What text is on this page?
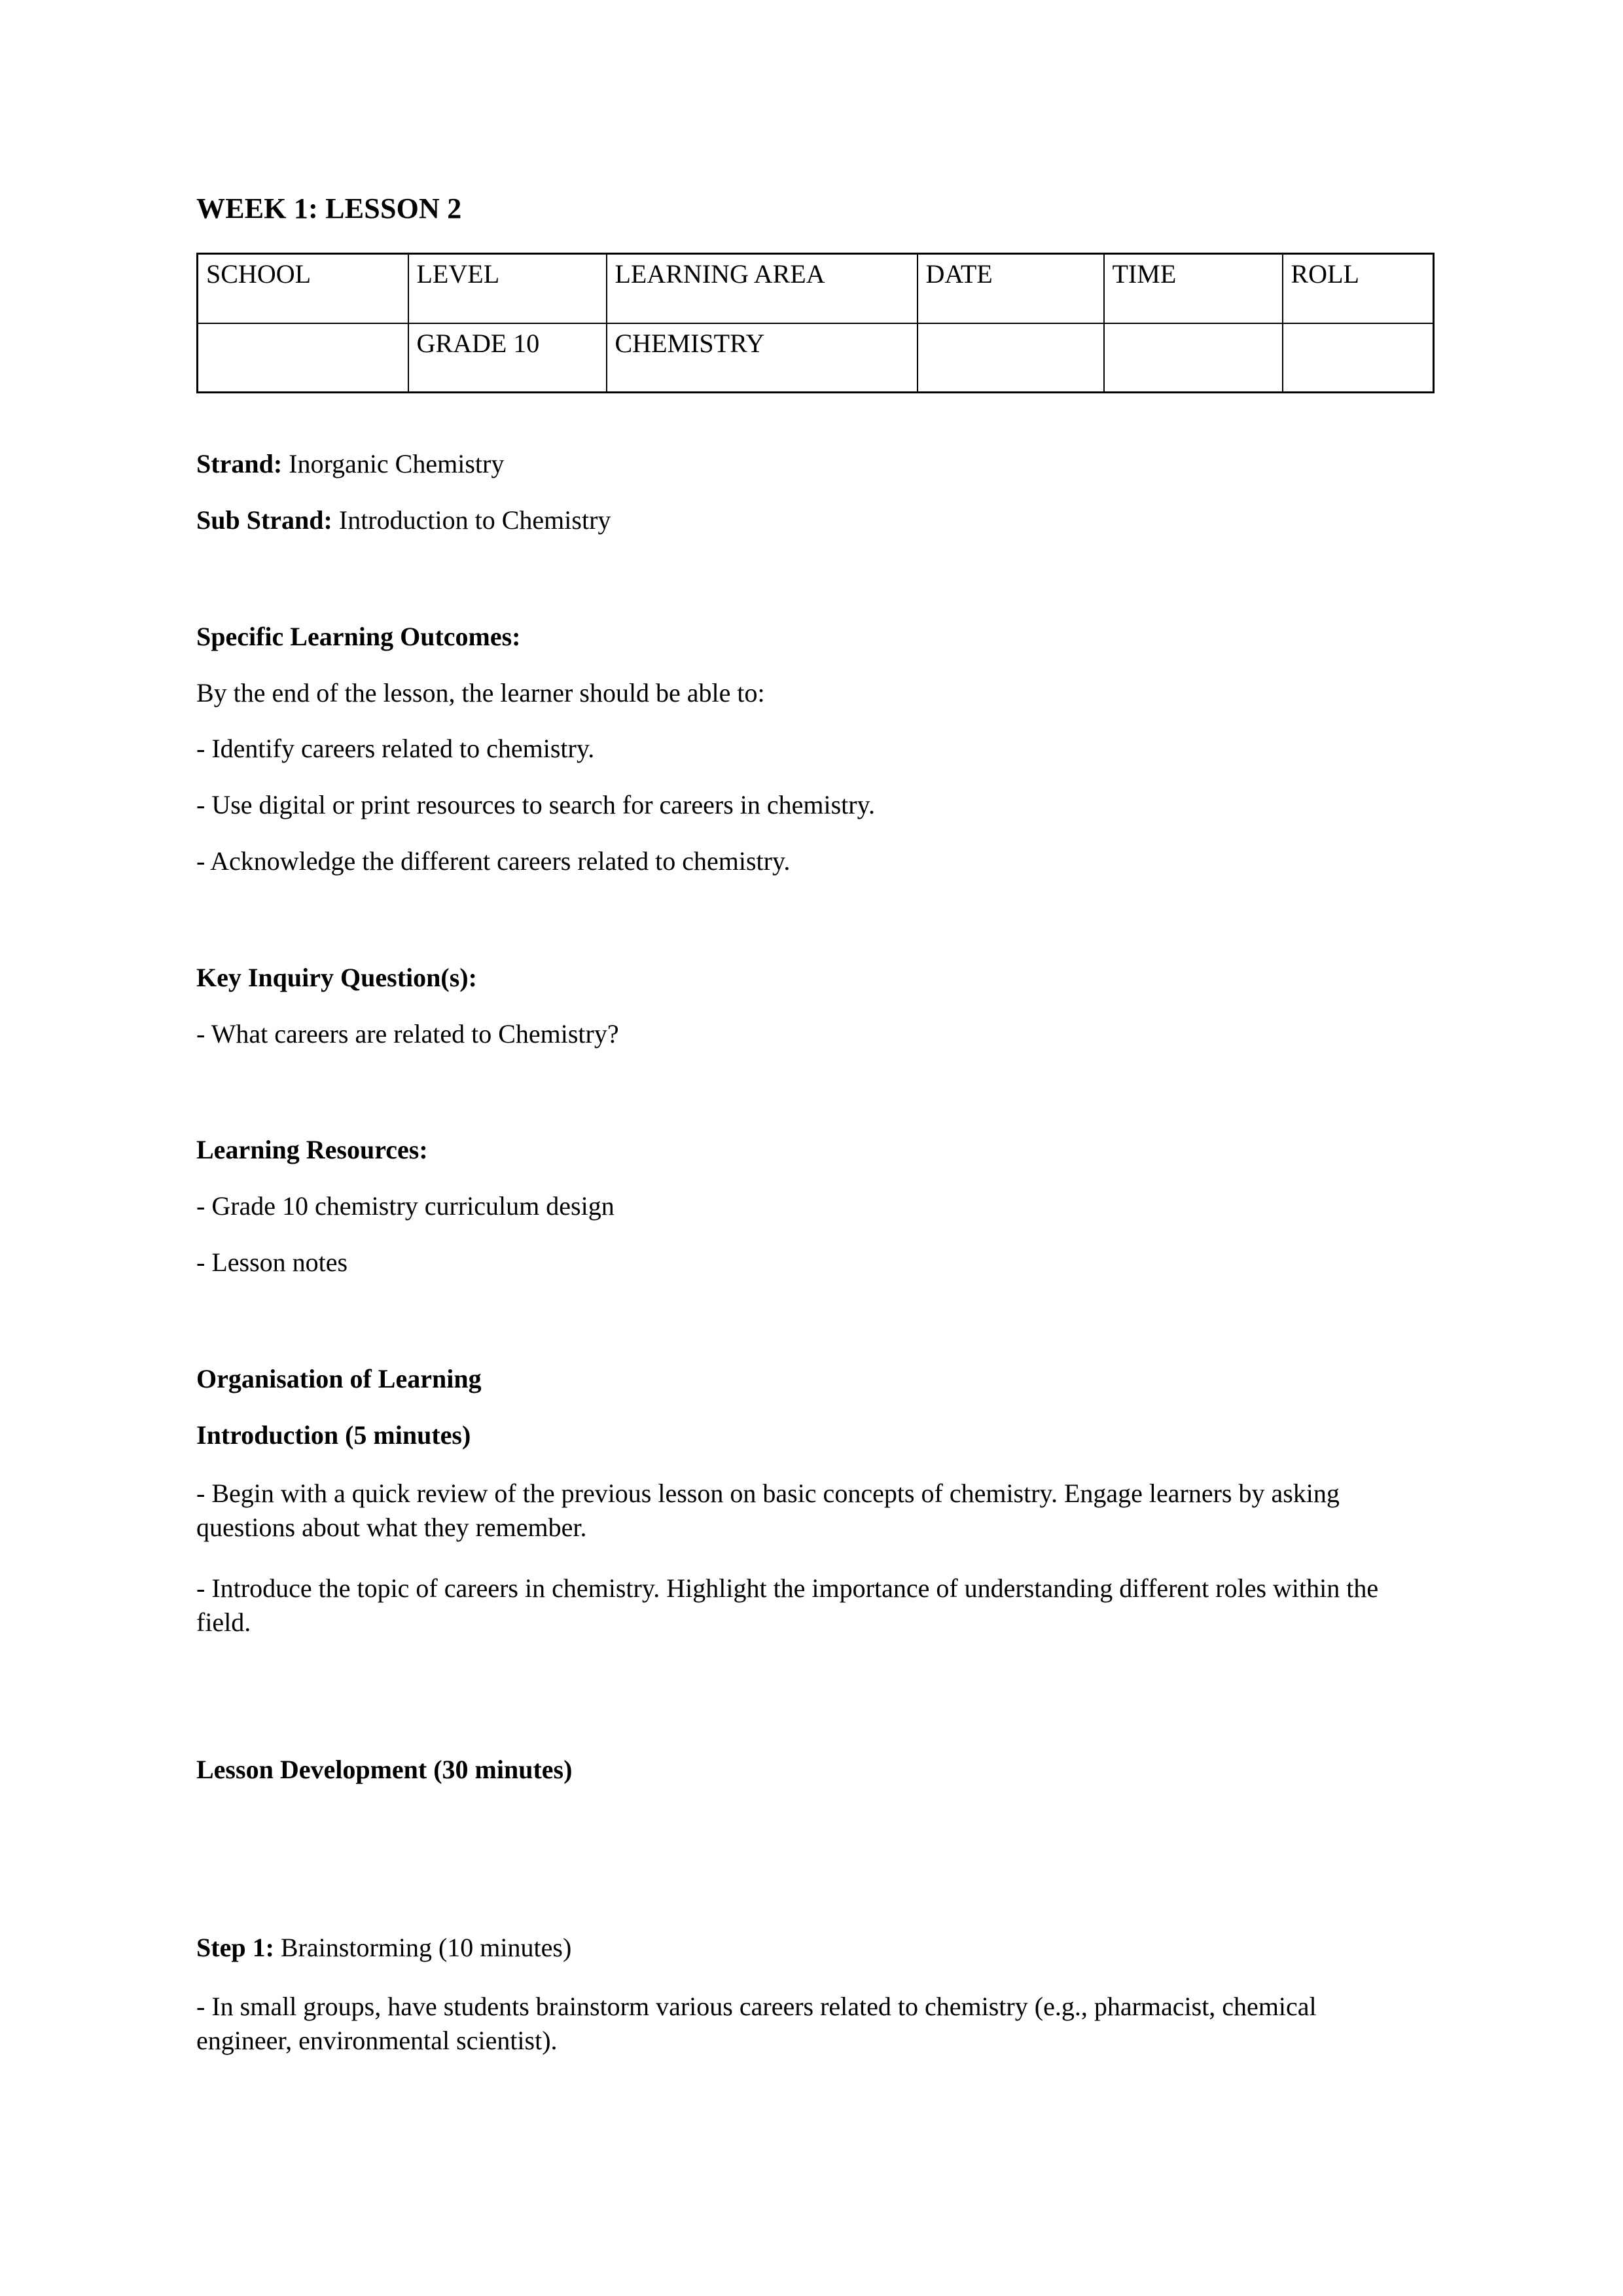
WEEK 1: LESSON 2
SCHOOL	LEVEL	LEARNING AREA	DATE	TIME	ROLL
	GRADE 10	CHEMISTRY			
Strand: Inorganic Chemistry
Sub Strand: Introduction to Chemistry
Specific Learning Outcomes:
By the end of the lesson, the learner should be able to:
- Identify careers related to chemistry.
- Use digital or print resources to search for careers in chemistry.
- Acknowledge the different careers related to chemistry.
Key Inquiry Question(s):
- What careers are related to Chemistry?
Learning Resources:
- Grade 10 chemistry curriculum design
- Lesson notes
Organisation of Learning
Introduction (5 minutes)
- Begin with a quick review of the previous lesson on basic concepts of chemistry. Engage learners by asking questions about what they remember.
- Introduce the topic of careers in chemistry. Highlight the importance of understanding different roles within the field.
Lesson Development (30 minutes)
Step 1: Brainstorming (10 minutes)
- In small groups, have students brainstorm various careers related to chemistry (e.g., pharmacist, chemical engineer, environmental scientist).
